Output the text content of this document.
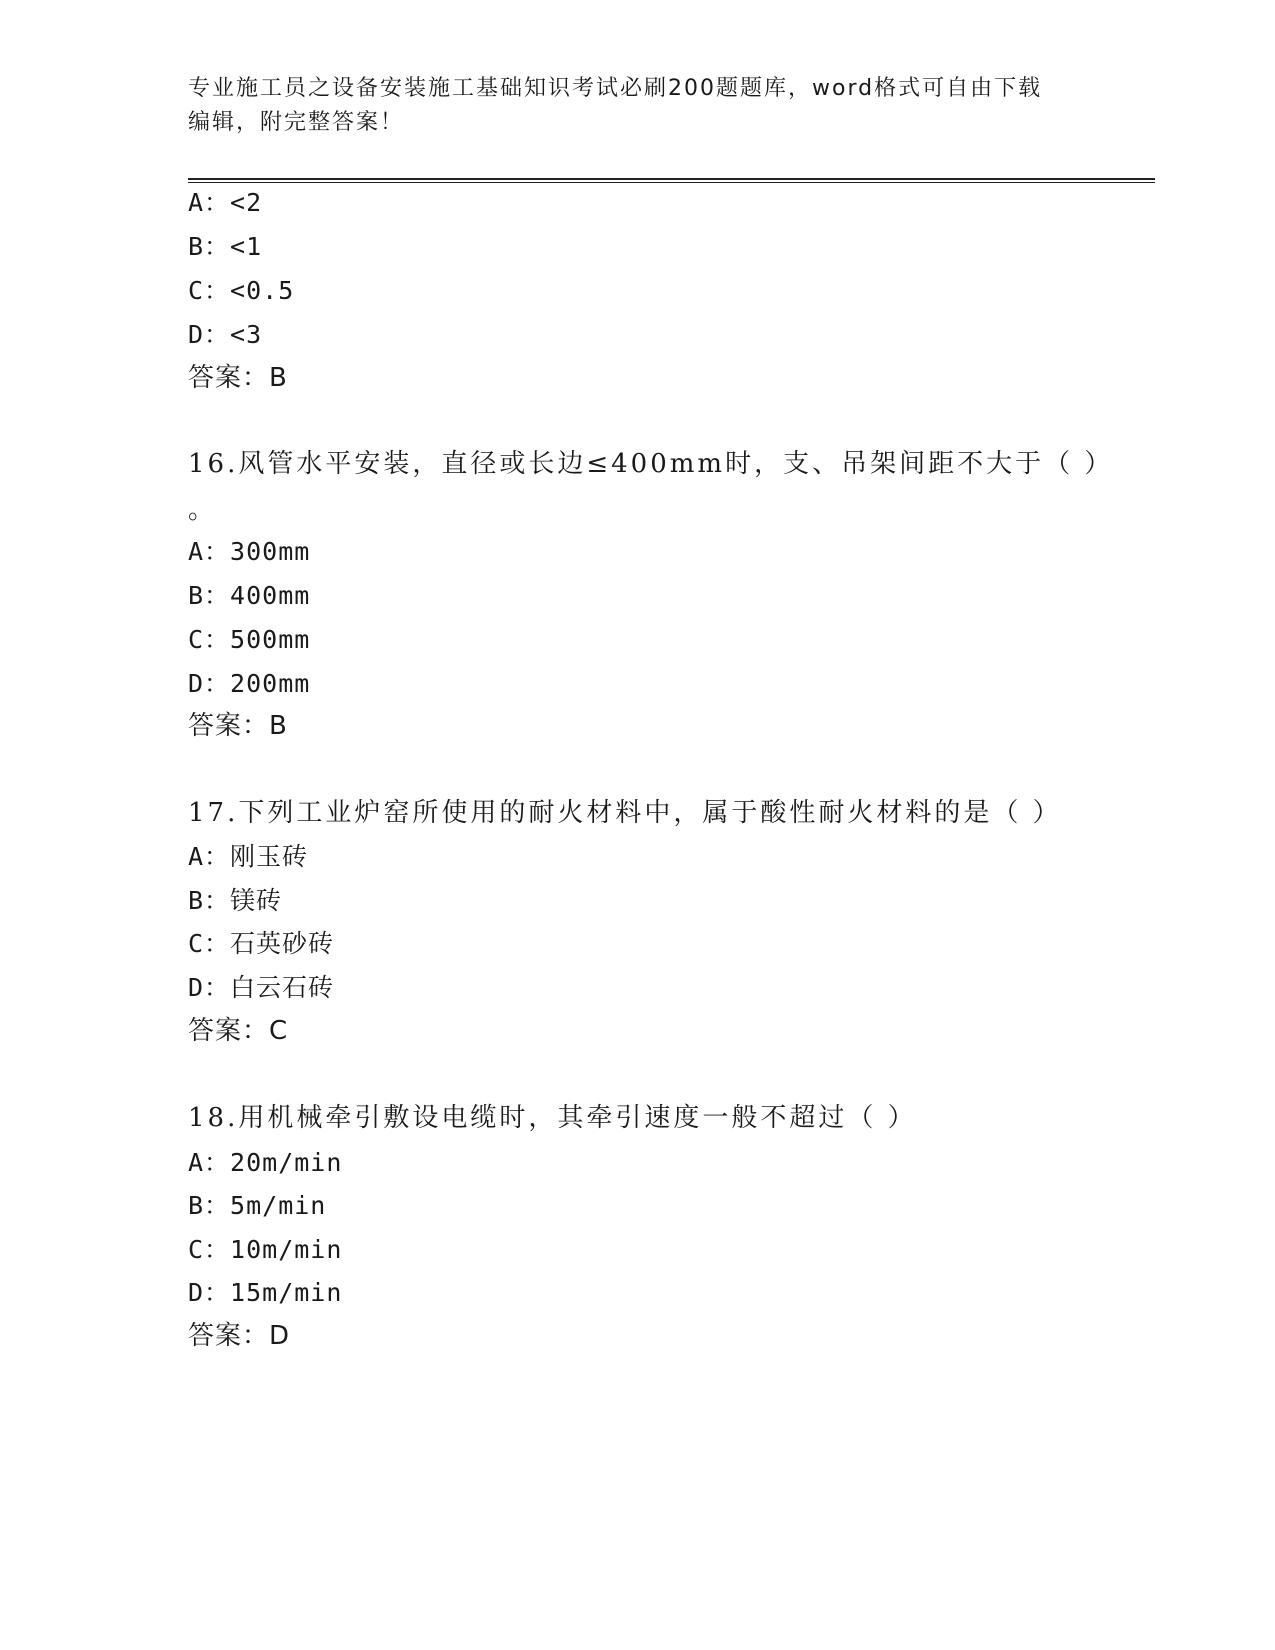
专业施工员之设备安装施工基础知识考试必刷200题题库，word格式可自由下载
编辑，附完整答案！
A：<2
B：<1
C：<0.5
D：<3
答案：B
16.风管水平安装，直径或长边≤400mm时，支、吊架间距不大于（ ）
。
A：300mm
B：400mm
C：500mm
D：200mm
答案：B
17.下列工业炉窑所使用的耐火材料中，属于酸性耐火材料的是（ ）
A：刚玉砖
B：镁砖
C：石英砂砖
D：白云石砖
答案：C
18.用机械牵引敷设电缆时，其牵引速度一般不超过（ ）
A：20m/min
B：5m/min
C：10m/min
D：15m/min
答案：D
